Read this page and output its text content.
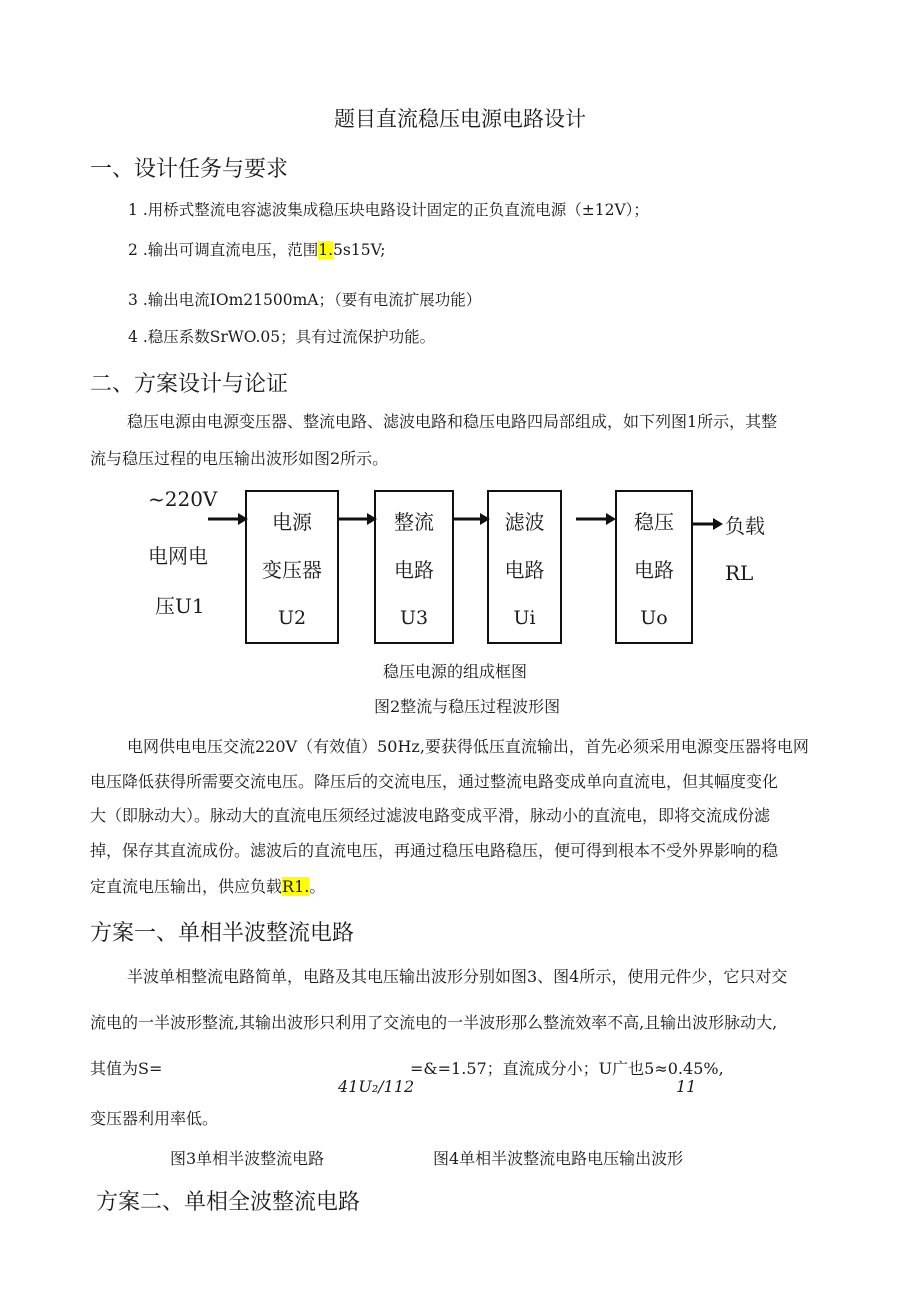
题目直流稳压电源电路设计
一、设计任务与要求
1 .用桥式整流电容滤波集成稳压块电路设计固定的正负直流电源（±12V）；
2 .输出可调直流电压，范围1.5s15V;
3 .输出电流IOm21500mA；（要有电流扩展功能）
4 .稳压系数SrWO.05；具有过流保护功能。
二、方案设计与论证
稳压电源由电源变压器、整流电路、滤波电路和稳压电路四局部组成，如下列图1所示，其整
流与稳压过程的电压输出波形如图2所示。
~220V
电网电
压U1
电源
变压器
U2
整流
电路
U3
滤波
电路
Ui
稳压
电路
Uo
负载
RL
稳压电源的组成框图
图2整流与稳压过程波形图
电网供电电压交流220V（有效值）50Hz,要获得低压直流输出，首先必须采用电源变压器将电网
电压降低获得所需要交流电压。降压后的交流电压，通过整流电路变成单向直流电，但其幅度变化
大（即脉动大）。脉动大的直流电压须经过滤波电路变成平滑，脉动小的直流电，即将交流成份滤
掉，保存其直流成份。滤波后的直流电压，再通过稳压电路稳压，便可得到根本不受外界影响的稳
定直流电压输出，供应负载R1.。
方案一、单相半波整流电路
半波单相整流电路简单，电路及其电压输出波形分别如图3、图4所示，使用元件少，它只对交
流电的一半波形整流,其输出波形只利用了交流电的一半波形那么整流效率不高,且输出波形脉动大,
其值为S=	=&=1.57；直流成分小；U广也5≈0.45%,
41U₂/112	11
变压器利用率低。
图3单相半波整流电路	图4单相半波整流电路电压输出波形
方案二、单相全波整流电路
